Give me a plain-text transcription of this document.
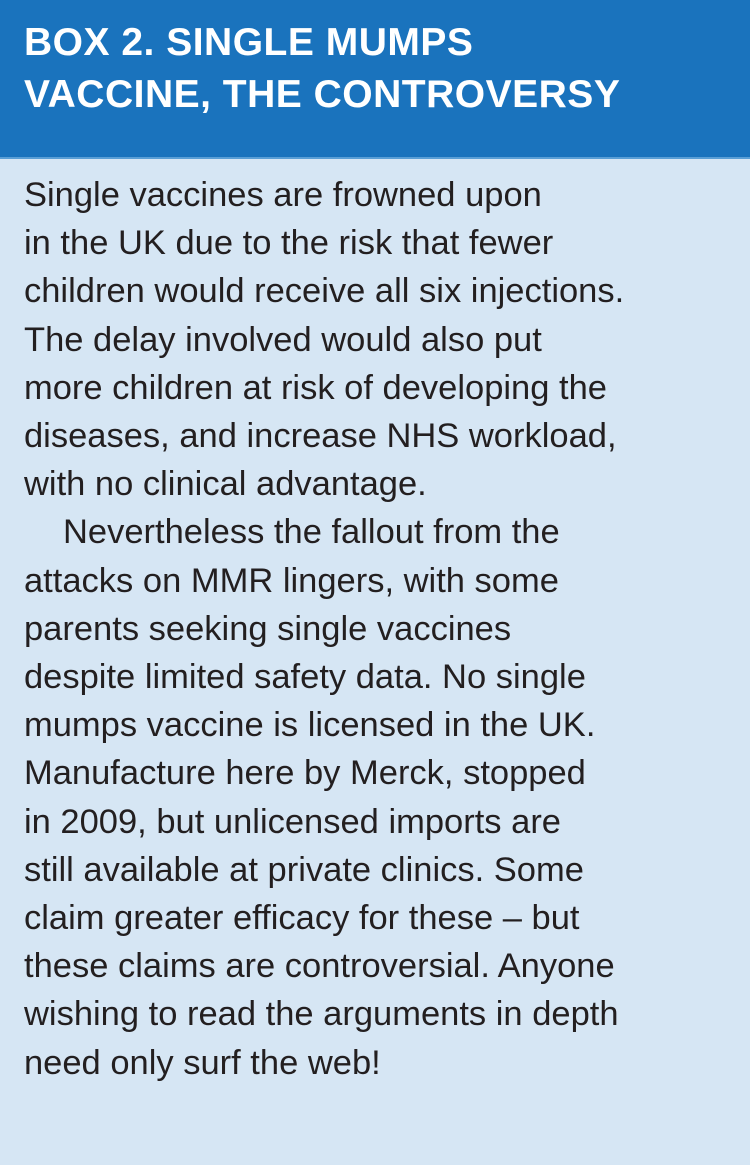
BOX 2. SINGLE MUMPS
VACCINE, THE CONTROVERSY
Single vaccines are frowned upon
in the UK due to the risk that fewer
children would receive all six injections.
The delay involved would also put
more children at risk of developing the
diseases, and increase NHS workload,
with no clinical advantage.
Nevertheless the fallout from the
attacks on MMR lingers, with some
parents seeking single vaccines
despite limited safety data. No single
mumps vaccine is licensed in the UK.
Manufacture here by Merck, stopped
in 2009, but unlicensed imports are
still available at private clinics. Some
claim greater efficacy for these – but
these claims are controversial. Anyone
wishing to read the arguments in depth
need only surf the web!
